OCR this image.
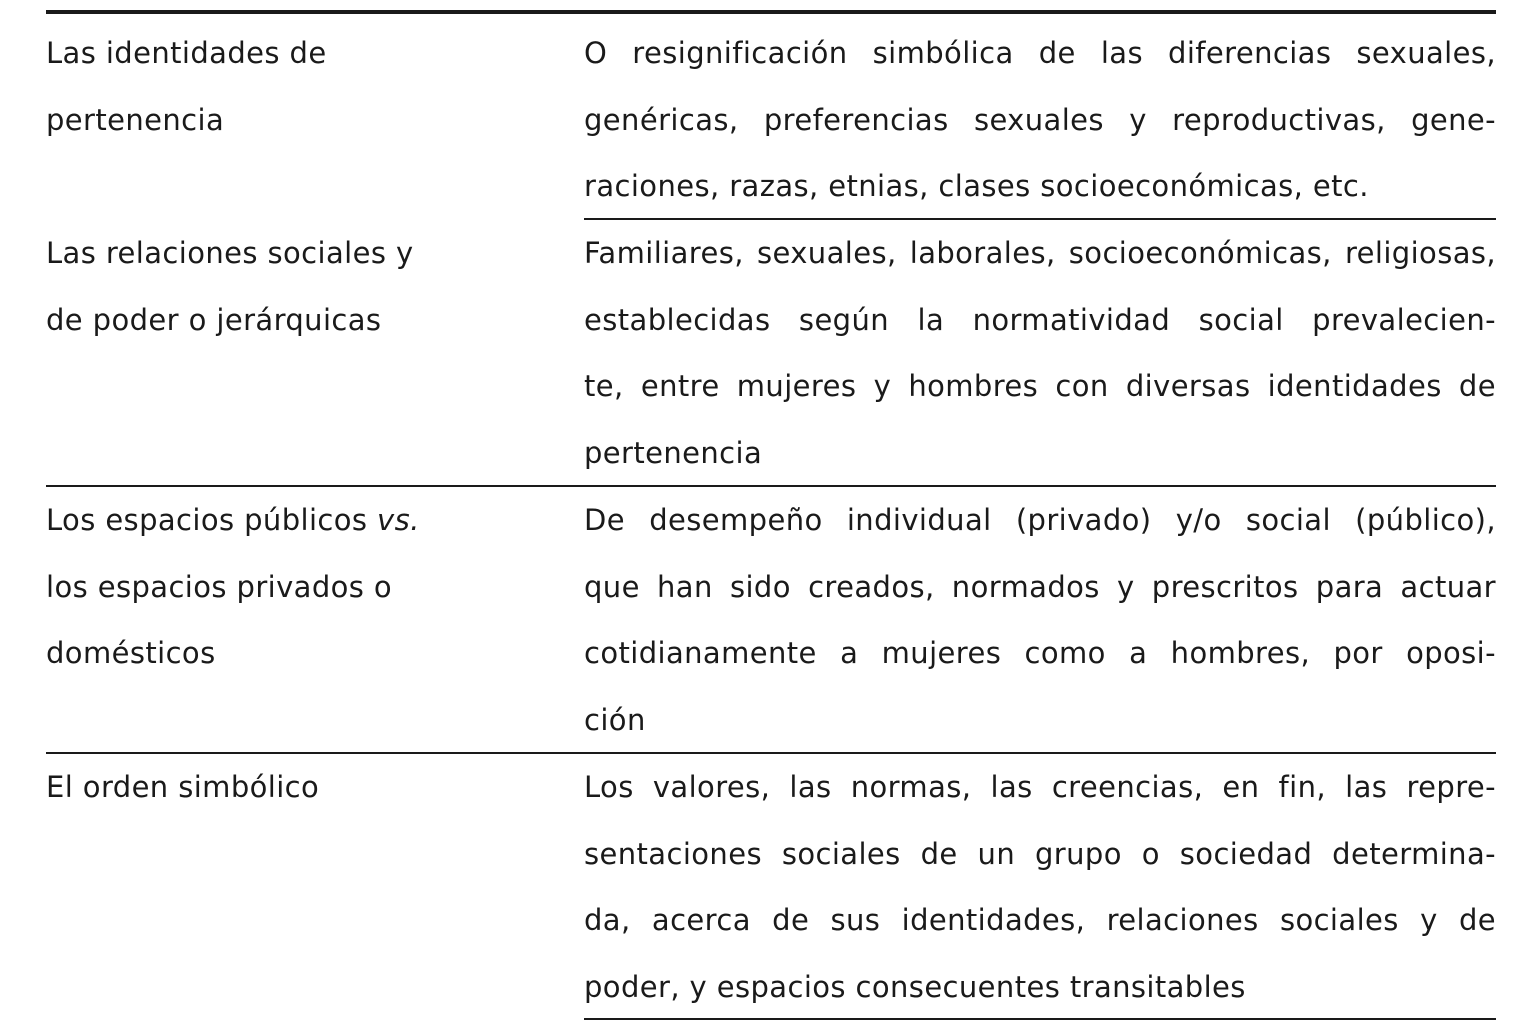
Las identidades de
pertenencia
O resignificación simbólica de las diferencias sexuales,
genéricas, preferencias sexuales y reproductivas, gene-
raciones, razas, etnias, clases socioeconómicas, etc.
Las relaciones sociales y
de poder o jerárquicas
Familiares, sexuales, laborales, socioeconómicas, religiosas,
establecidas según la normatividad social prevalecien-
te, entre mujeres y hombres con diversas identidades de
pertenencia
Los espacios públicos vs.
los espacios privados o
domésticos
De desempeño individual (privado) y/o social (público),
que han sido creados, normados y prescritos para actuar
cotidianamente a mujeres como a hombres, por oposi-
ción
El orden simbólico	Los valores, las normas, las creencias, en fin, las repre-
sentaciones sociales de un grupo o sociedad determina-
da, acerca de sus identidades, relaciones sociales y de
poder, y espacios consecuentes transitables
